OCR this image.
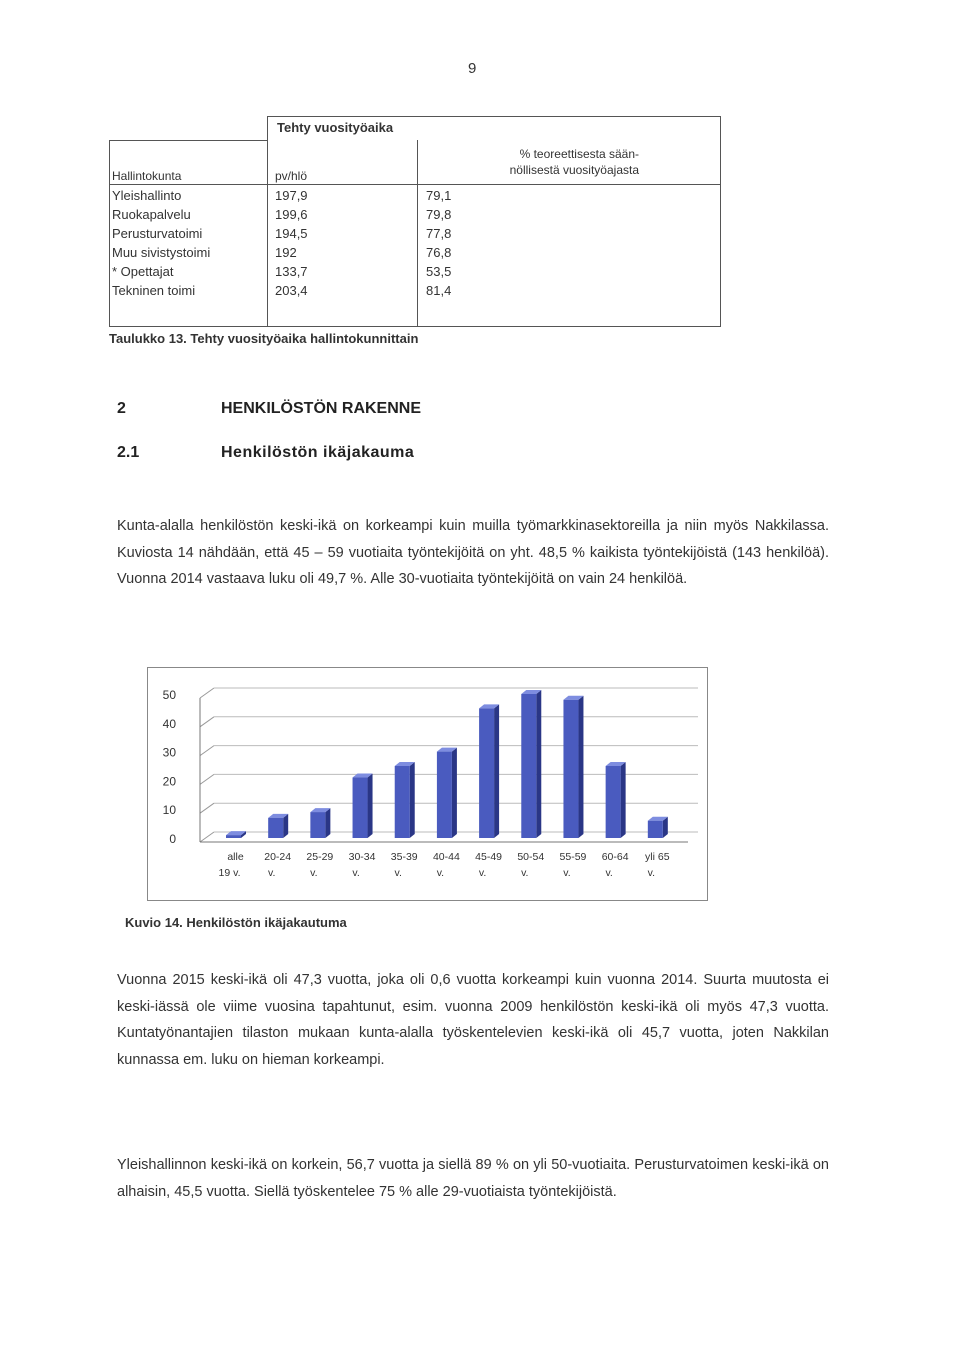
9
Tehty vuosityöaika
% teoreettisesta sään-
nöllisestä vuosityöajasta
Hallintokunta	pv/hlö
Yleishallinto	197,9	79,1
Ruokapalvelu	199,6	79,8
Perusturvatoimi	194,5	77,8
Muu sivistystoimi	192	76,8
* Opettajat	133,7	53,5
Tekninen toimi	203,4	81,4
Taulukko 13. Tehty vuosityöaika hallintokunnittain
2	HENKILÖSTÖN RAKENNE
2.1	Henkilöstön ikäjakauma
Kunta-alalla henkilöstön keski-ikä on korkeampi kuin muilla työmarkkinasektoreilla ja niin myös Nakkilassa. Kuviosta 14 nähdään, että 45 – 59 vuotiaita työntekijöitä on yht. 48,5 % kaikista työntekijöistä (143 henkilöä). Vuonna 2014 vastaava luku oli 49,7 %. Alle 30-vuotiaita työntekijöitä on vain 24 henkilöä.
0
10
20
30
40
50
alle
19 v.
20-24
v.
25-29
v.
30-34
v.
35-39
v.
40-44
v.
45-49
v.
50-54
v.
55-59
v.
60-64
v.
yli 65
v.
Kuvio 14. Henkilöstön ikäjakautuma
Vuonna 2015 keski-ikä oli 47,3 vuotta, joka oli 0,6 vuotta korkeampi kuin vuonna 2014. Suurta muutosta ei keski-iässä ole viime vuosina tapahtunut, esim. vuonna 2009 henkilöstön keski-ikä oli myös 47,3 vuotta. Kuntatyönantajien tilaston mukaan kunta-alalla työskentelevien keski-ikä oli 45,7 vuotta, joten Nakkilan kunnassa em. luku on hieman korkeampi.
Yleishallinnon keski-ikä on korkein, 56,7 vuotta ja siellä 89 % on yli 50-vuotiaita. Perusturvatoimen keski-ikä on alhaisin, 45,5 vuotta. Siellä työskentelee 75 % alle 29-vuotiaista työntekijöistä.
